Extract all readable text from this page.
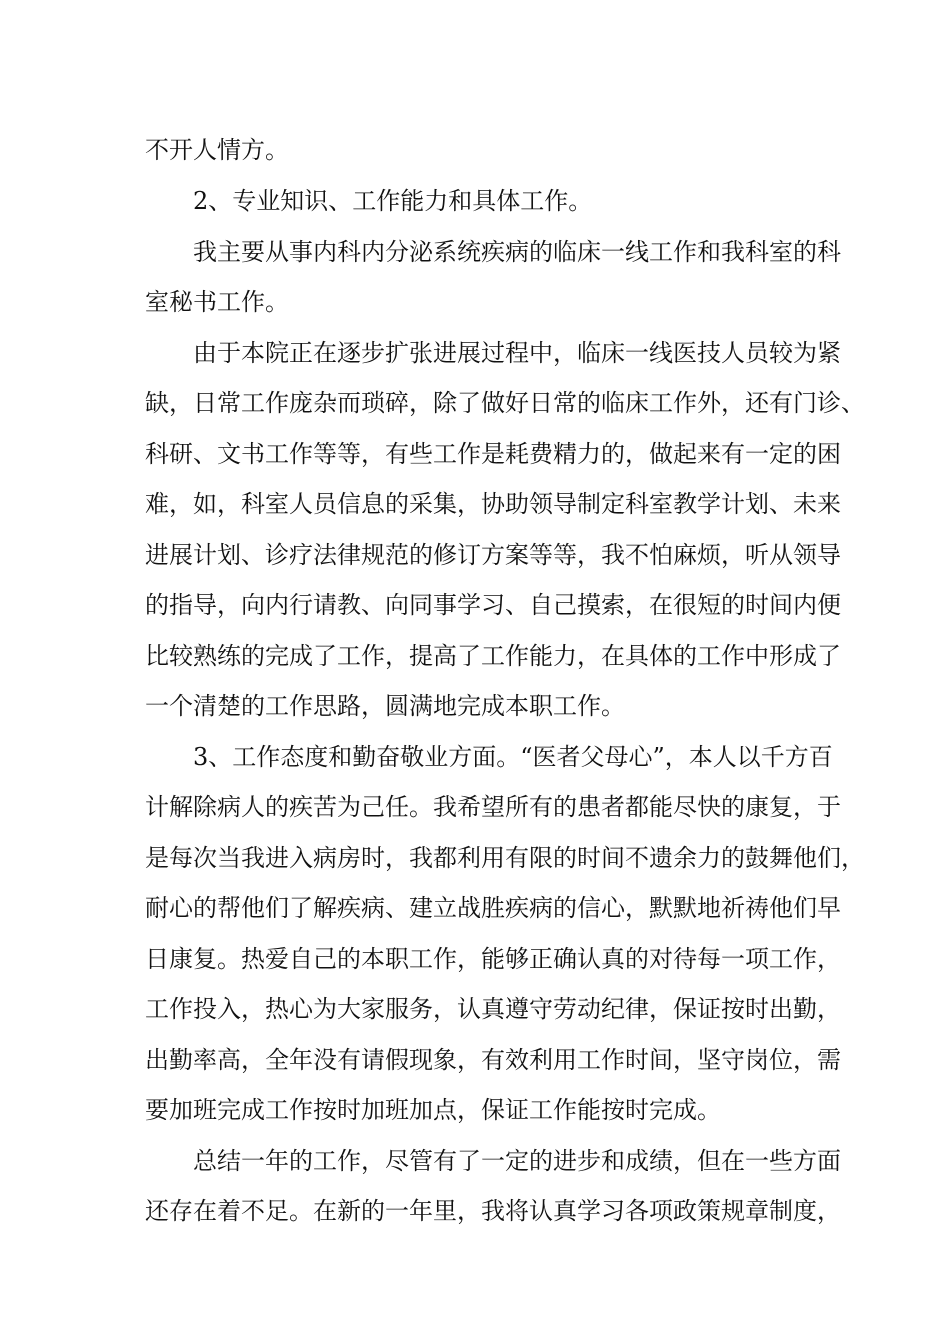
不开人情方。
2、专业知识、工作能力和具体工作。
我主要从事内科内分泌系统疾病的临床一线工作和我科室的科
室秘书工作。
由于本院正在逐步扩张进展过程中，临床一线医技人员较为紧
缺，日常工作庞杂而琐碎，除了做好日常的临床工作外，还有门诊、
科研、文书工作等等，有些工作是耗费精力的，做起来有一定的困
难，如，科室人员信息的采集，协助领导制定科室教学计划、未来
进展计划、诊疗法律规范的修订方案等等，我不怕麻烦，听从领导
的指导，向内行请教、向同事学习、自己摸索，在很短的时间内便
比较熟练的完成了工作，提高了工作能力，在具体的工作中形成了
一个清楚的工作思路，圆满地完成本职工作。
3、工作态度和勤奋敬业方面。“医者父母心”，本人以千方百
计解除病人的疾苦为己任。我希望所有的患者都能尽快的康复，于
是每次当我进入病房时，我都利用有限的时间不遗余力的鼓舞他们，
耐心的帮他们了解疾病、建立战胜疾病的信心，默默地祈祷他们早
日康复。热爱自己的本职工作，能够正确认真的对待每一项工作，
工作投入，热心为大家服务，认真遵守劳动纪律，保证按时出勤，
出勤率高，全年没有请假现象，有效利用工作时间，坚守岗位，需
要加班完成工作按时加班加点，保证工作能按时完成。
总结一年的工作，尽管有了一定的进步和成绩，但在一些方面
还存在着不足。在新的一年里，我将认真学习各项政策规章制度，
